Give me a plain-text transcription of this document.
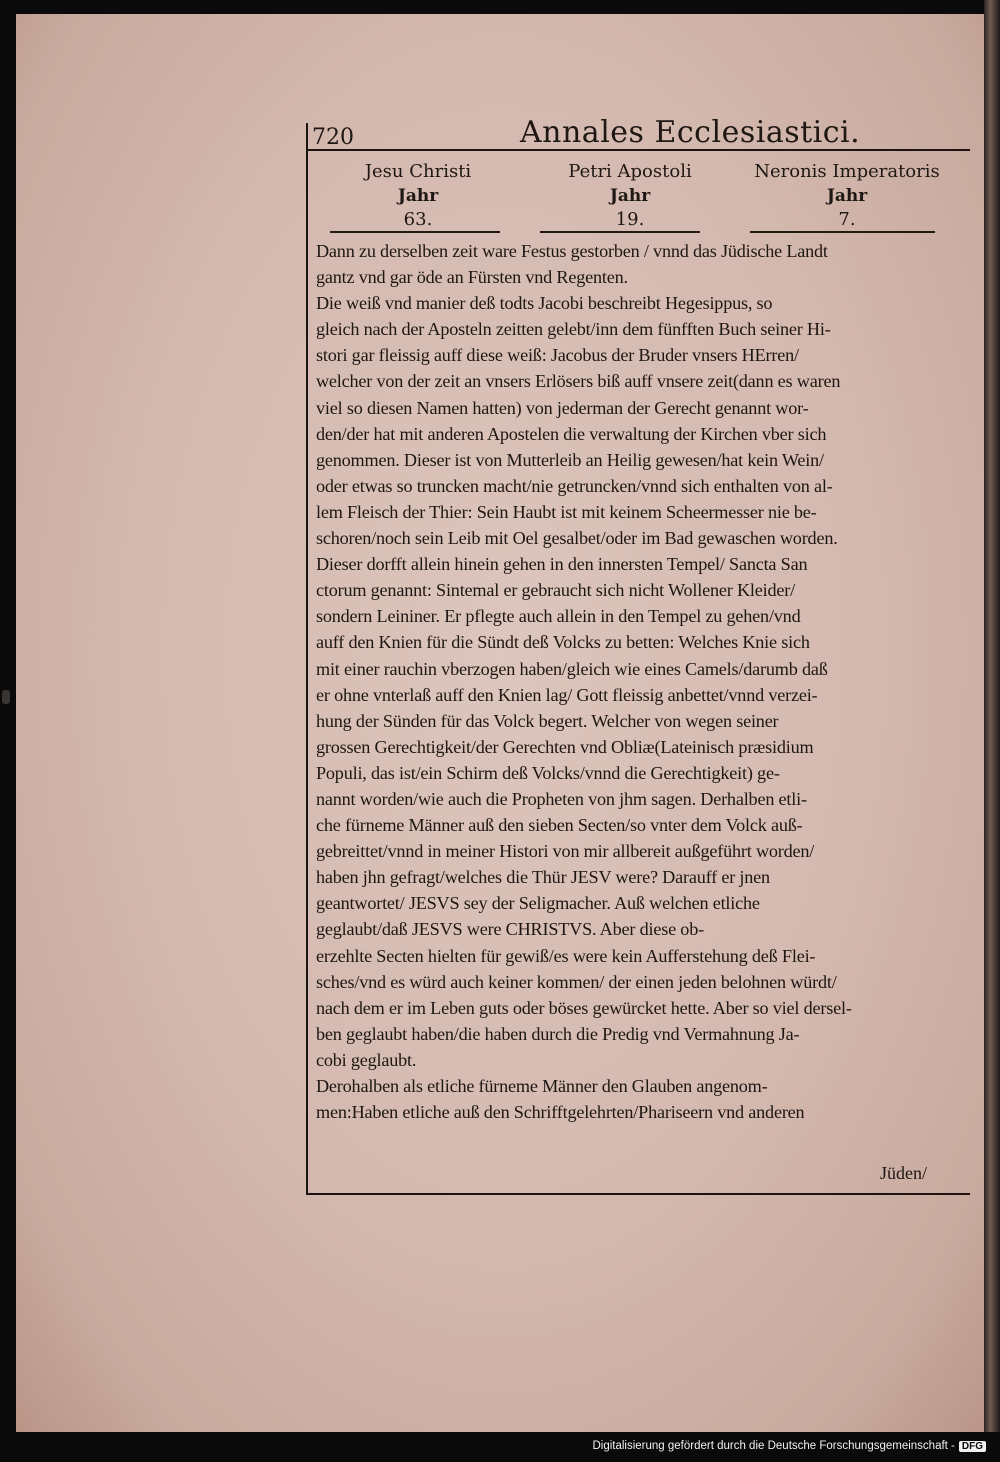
720	Annales Ecclesiastici.
Jesu Christi
Jahr
63.
Petri Apostoli
Jahr
19.
Neronis Imperatoris
Jahr
7.
Dann zu derselben zeit ware Festus gestorben / vnnd das Jüdische Landt
gantz vnd gar öde an Fürsten vnd Regenten.
Die weiß vnd manier deß todts Jacobi beschreibt Hegesippus, so
gleich nach der Aposteln zeitten gelebt/inn dem fünfften Buch seiner Hi-
stori gar fleissig auff diese weiß: Jacobus der Bruder vnsers HErren/
welcher von der zeit an vnsers Erlösers biß auff vnsere zeit(dann es waren
viel so diesen Namen hatten) von jederman der Gerecht genannt wor-
den/der hat mit anderen Apostelen die verwaltung der Kirchen vber sich
genommen. Dieser ist von Mutterleib an Heilig gewesen/hat kein Wein/
oder etwas so truncken macht/nie getruncken/vnnd sich enthalten von al-
lem Fleisch der Thier: Sein Haubt ist mit keinem Scheermesser nie be-
schoren/noch sein Leib mit Oel gesalbet/oder im Bad gewaschen worden.
Dieser dorfft allein hinein gehen in den innersten Tempel/ Sancta San
ctorum genannt: Sintemal er gebraucht sich nicht Wollener Kleider/
sondern Leininer. Er pflegte auch allein in den Tempel zu gehen/vnd
auff den Knien für die Sündt deß Volcks zu betten: Welches Knie sich
mit einer rauchin vberzogen haben/gleich wie eines Camels/darumb daß
er ohne vnterlaß auff den Knien lag/ Gott fleissig anbettet/vnnd verzei-
hung der Sünden für das Volck begert. Welcher von wegen seiner
grossen Gerechtigkeit/der Gerechten vnd Obliæ(Lateinisch præsidium
Populi, das ist/ein Schirm deß Volcks/vnnd die Gerechtigkeit) ge-
nannt worden/wie auch die Propheten von jhm sagen. Derhalben etli-
che fürneme Männer auß den sieben Secten/so vnter dem Volck auß-
gebreittet/vnnd in meiner Histori von mir allbereit außgeführt worden/
haben jhn gefragt/welches die Thür JESV were? Darauff er jnen
geantwortet/ JESVS sey der Seligmacher. Auß welchen etliche
geglaubt/daß JESVS were CHRISTVS. Aber diese ob-
erzehlte Secten hielten für gewiß/es were kein Aufferstehung deß Flei-
sches/vnd es würd auch keiner kommen/ der einen jeden belohnen würdt/
nach dem er im Leben guts oder böses gewürcket hette. Aber so viel dersel-
ben geglaubt haben/die haben durch die Predig vnd Vermahnung Ja-
cobi geglaubt.
Derohalben als etliche fürneme Männer den Glauben angenom-
men:Haben etliche auß den Schrifftgelehrten/Phariseern vnd anderen
Jüden/
Digitalisierung gefördert durch die Deutsche Forschungsgemeinschaft - DFG
